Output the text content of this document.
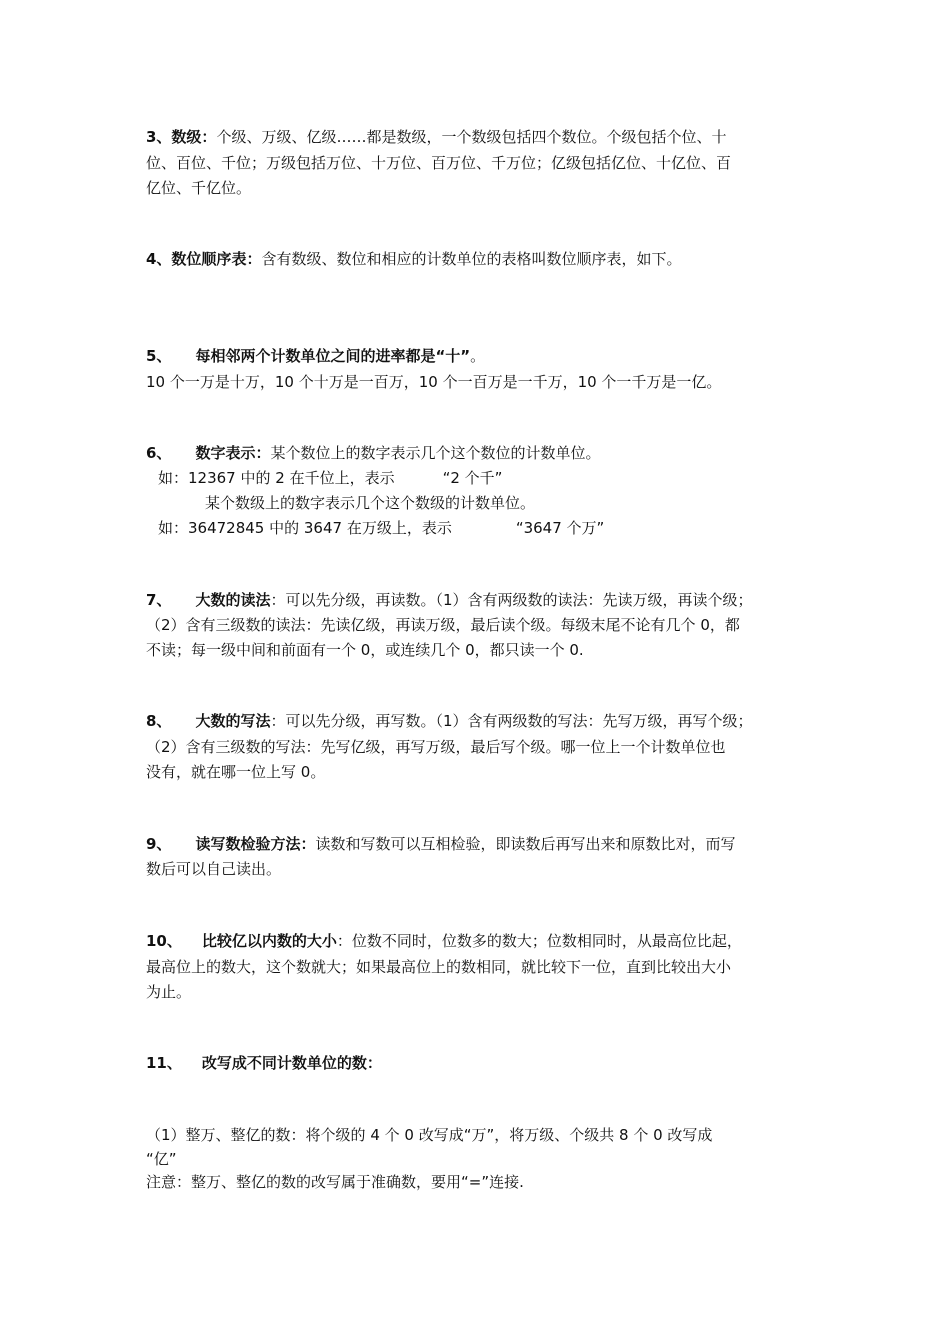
3、数级：个级、万级、亿级……都是数级，一个数级包括四个数位。个级包括个位、十
位、百位、千位；万级包括万位、十万位、百万位、千万位；亿级包括亿位、十亿位、百
亿位、千亿位。
4、数位顺序表：含有数级、数位和相应的计数单位的表格叫数位顺序表，如下。
5、 每相邻两个计数单位之间的进率都是“十”。
10 个一万是十万，10 个十万是一百万，10 个一百万是一千万，10 个一千万是一亿。
6、 数字表示：某个数位上的数字表示几个这个数位的计数单位。
如：12367 中的 2 在千位上，表示	“2 个千”
某个数级上的数字表示几个这个数级的计数单位。
如：36472845 中的 3647 在万级上，表示	“3647 个万”
7、 大数的读法：可以先分级，再读数。（1）含有两级数的读法：先读万级，再读个级；
（2）含有三级数的读法：先读亿级，再读万级，最后读个级。每级末尾不论有几个 0，都
不读；每一级中间和前面有一个 0，或连续几个 0，都只读一个 0.
8、 大数的写法：可以先分级，再写数。（1）含有两级数的写法：先写万级，再写个级；
（2）含有三级数的写法：先写亿级，再写万级，最后写个级。哪一位上一个计数单位也
没有，就在哪一位上写 0。
9、 读写数检验方法：读数和写数可以互相检验，即读数后再写出来和原数比对，而写
数后可以自己读出。
10、 比较亿以内数的大小：位数不同时，位数多的数大；位数相同时，从最高位比起，
最高位上的数大，这个数就大；如果最高位上的数相同，就比较下一位，直到比较出大小
为止。
11、 改写成不同计数单位的数：
（1）整万、整亿的数：将个级的 4 个 0 改写成“万”，将万级、个级共 8 个 0 改写成
“亿”
注意：整万、整亿的数的改写属于准确数，要用“=”连接.
